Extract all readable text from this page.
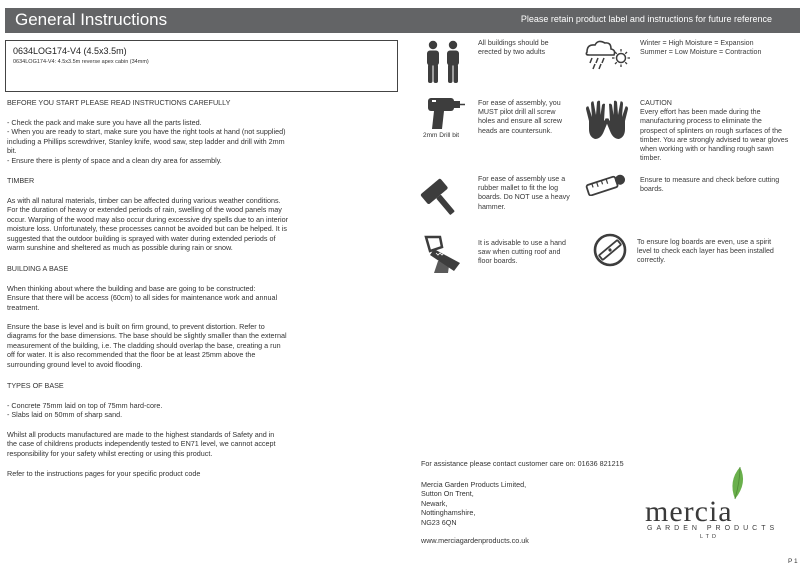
General Instructions	Please retain product label and instructions for future reference
0634LOG174-V4 (4.5x3.5m)
0634LOG174-V4: 4.5x3.5m reverse apex cabin (34mm)
BEFORE YOU START PLEASE READ INSTRUCTIONS CAREFULLY

- Check the pack and make sure you have all the parts listed.

- When you are ready to start, make sure you have the right tools at hand (not supplied)

including a Phillips screwdriver, Stanley knife, wood saw, step ladder and drill with 2mm

bit.

- Ensure there is plenty of space and a clean dry area for assembly.

TIMBER

As with all natural materials, timber can be affected during various weather conditions.

For the duration of heavy or extended periods of rain, swelling of the wood panels may

occur. Warping of the wood may also occur during excessive dry spells due to an interior

moisture loss. Unfortunately, these processes cannot be avoided but can be helped. It is

suggested that the outdoor building is sprayed with water during extended periods of

warm sunshine and sheltered as much as possible during rain or snow.

BUILDING A BASE

When thinking about where the building and base are going to be constructed:

Ensure that there will be access (60cm) to all sides for maintenance work and annual

treatment.

Ensure the base is level and is built on firm ground, to prevent distortion. Refer to

diagrams for the base dimensions. The base should be slightly smaller than the external

measurement of the building, i.e. The cladding should overlap the base, creating a run

off for water. It is also recommended that the floor be at least 25mm above the

surrounding ground level to avoid flooding.

TYPES OF BASE

- Concrete 75mm laid on top of 75mm hard-core.

- Slabs laid on 50mm of sharp sand.

Whilst all products manufactured are made to the highest standards of Safety and in

the case of childrens products independently tested to EN71 level, we cannot accept

responsibility for your safety whilst erecting or using this product.

Refer to the instructions pages for your specific product code
All buildings should be
erected by two adults
2mm Drill bit
For ease of assembly, you
MUST pilot drill all screw
holes and ensure all screw
heads are countersunk.
For ease of assembly use a
rubber mallet to fit the log
boards. Do NOT use a heavy
hammer.
It is advisable to use a hand
saw when cutting roof and
floor boards.
Winter = High Moisture = Expansion
Summer = Low Moisture = Contraction
CAUTION
Every effort has been made during the
manufacturing process to eliminate the
prospect of splinters on rough surfaces of the
timber. You are strongly advised to wear gloves
when working with or handling rough sawn
timber.
Ensure to measure and check before cutting
boards.
To ensure log boards are even, use a spirit
level to check each layer has been installed
correctly.
For assistance please contact customer care on: 01636 821215
Mercia Garden Products Limited,
Sutton On Trent,
Newark,
Nottinghamshire,
NG23 6QN
www.merciagardenproducts.co.uk
mercia
GARDEN PRODUCTS
LTD
P 1
